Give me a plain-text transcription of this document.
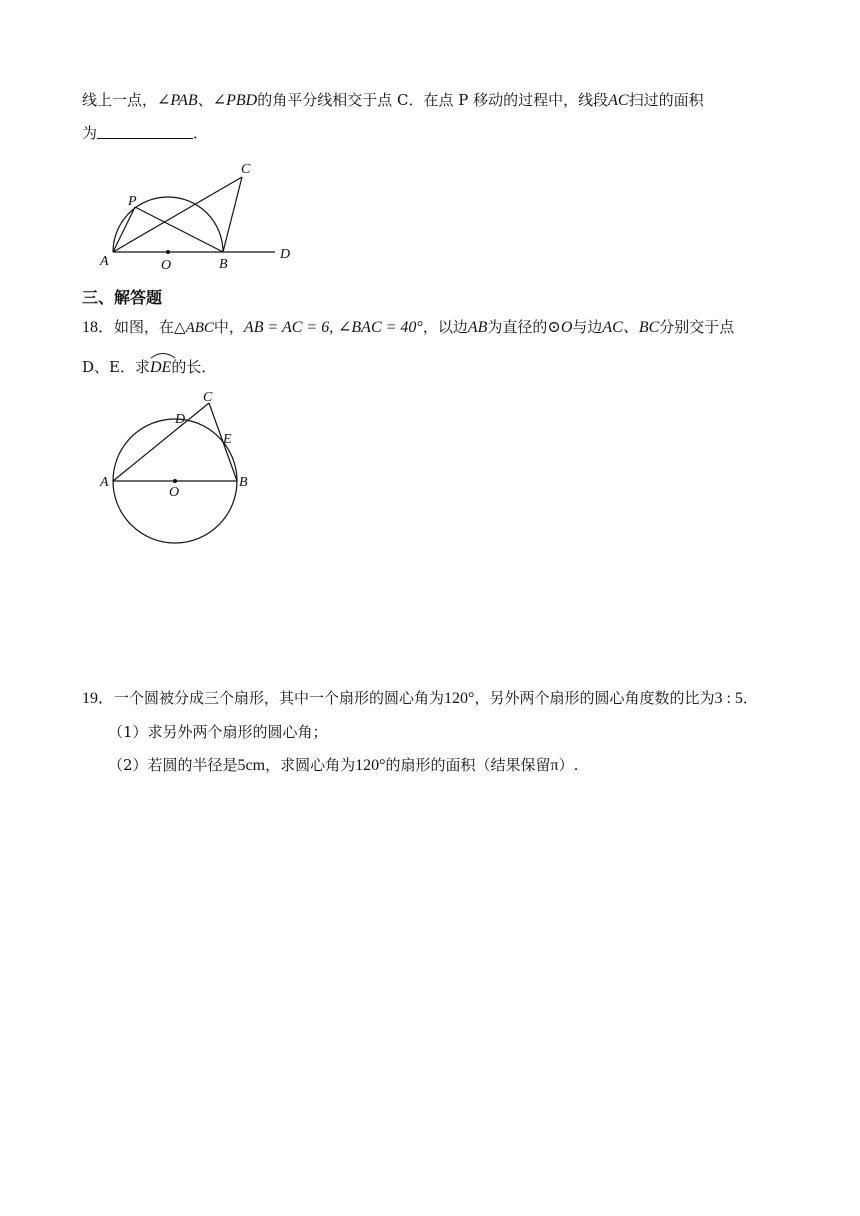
线上一点，∠PAB、∠PBD的角平分线相交于点 C．在点 P 移动的过程中，线段AC扫过的面积
为	．
P
A	O	B
C
D
三、解答题
18．如图，在△ABC中，AB = AC = 6, ∠BAC = 40°，以边AB为直径的⊙O与边AC、BC分别交于点
D、E．求
DE的长．
A
O
B
C
D
E
19．一个圆被分成三个扇形，其中一个扇形的圆心角为120°，另外两个扇形的圆心角度数的比为3 : 5．
（1）求另外两个扇形的圆心角；
（2）若圆的半径是5cm，求圆心角为120°的扇形的面积（结果保留π）.
